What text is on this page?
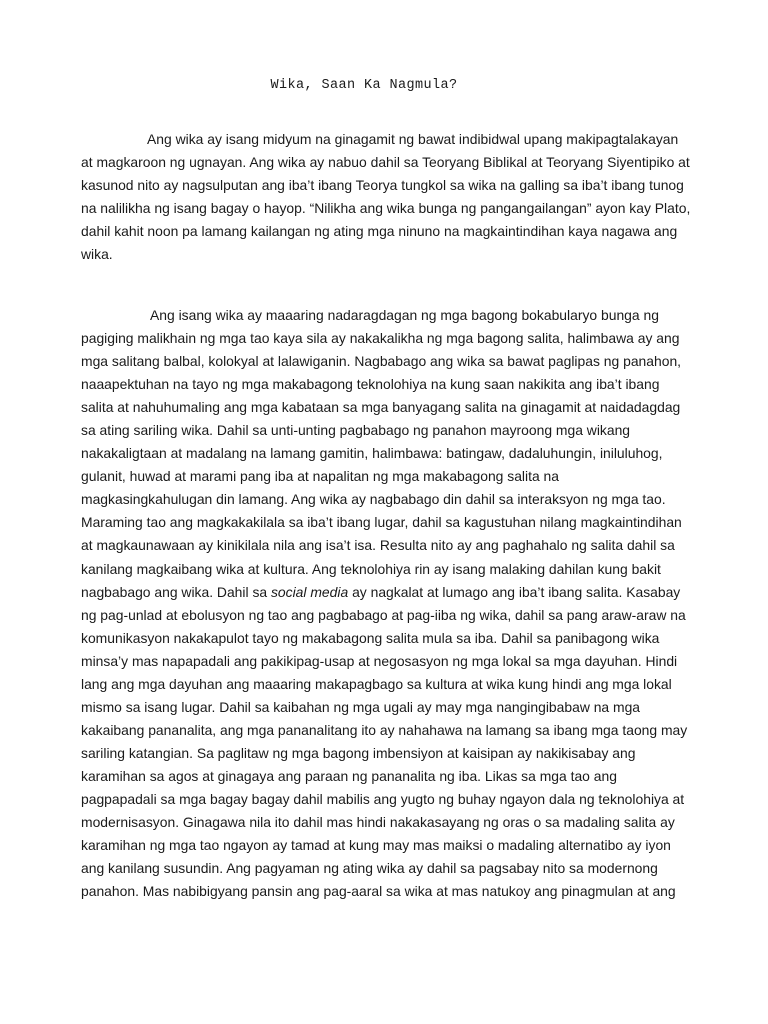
Wika, Saan Ka Nagmula?

Ang wika ay isang midyum na ginagamit ng bawat indibidwal upang makipagtalakayan at magkaroon ng ugnayan. Ang wika ay nabuo dahil sa Teoryang Biblikal at Teoryang Siyentipiko at kasunod nito ay nagsulputan ang iba’t ibang Teorya tungkol sa wika na galling sa iba’t ibang tunog na nalilikha ng isang bagay o hayop. “Nilikha ang wika bunga ng pangangailangan” ayon kay Plato, dahil kahit noon pa lamang kailangan ng ating mga ninuno na magkaintindihan kaya nagawa ang wika.

Ang isang wika ay maaaring nadaragdagan ng mga bagong bokabularyo bunga ng pagiging malikhain ng mga tao kaya sila ay nakakalikha ng mga bagong salita, halimbawa ay ang mga salitang balbal, kolokyal at lalawiganin. Nagbabago ang wika sa bawat paglipas ng panahon, naaapektuhan na tayo ng mga makabagong teknolohiya na kung saan nakikita ang iba’t ibang salita at nahuhumaling ang mga kabataan sa mga banyagang salita na ginagamit at naidadagdag sa ating sariling wika. Dahil sa unti-unting pagbabago ng panahon mayroong mga wikang nakakaligtaan at madalang na lamang gamitin, halimbawa: batingaw, dadaluhungin, iniluluhog, gulanit, huwad at marami pang iba at napalitan ng mga makabagong salita na magkasingkahulugan din lamang. Ang wika ay nagbabago din dahil sa interaksyon ng mga tao. Maraming tao ang magkakakilala sa iba’t ibang lugar, dahil sa kagustuhan nilang magkaintindihan at magkaunawaan ay kinikilala nila ang isa’t isa. Resulta nito ay ang paghahalo ng salita dahil sa kanilang magkaibang wika at kultura. Ang teknolohiya rin ay isang malaking dahilan kung bakit nagbabago ang wika. Dahil sa social media ay nagkalat at lumago ang iba’t ibang salita. Kasabay ng pag-unlad at ebolusyon ng tao ang pagbabago at pag-iiba ng wika, dahil sa pang araw-araw na komunikasyon nakakapulot tayo ng makabagong salita mula sa iba. Dahil sa panibagong wika minsa’y mas napapadali ang pakikipag-usap at negosasyon ng mga lokal sa mga dayuhan. Hindi lang ang mga dayuhan ang maaaring makapagbago sa kultura at wika kung hindi ang mga lokal mismo sa isang lugar. Dahil sa kaibahan ng mga ugali ay may mga nangingibabaw na mga kakaibang pananalita, ang mga pananalitang ito ay nahahawa na lamang sa ibang mga taong may sariling katangian. Sa paglitaw ng mga bagong imbensiyon at kaisipan ay nakikisabay ang karamihan sa agos at ginagaya ang paraan ng pananalita ng iba. Likas sa mga tao ang pagpapadali sa mga bagay bagay dahil mabilis ang yugto ng buhay ngayon dala ng teknolohiya at modernisasyon. Ginagawa nila ito dahil mas hindi nakakasayang ng oras o sa madaling salita ay karamihan ng mga tao ngayon ay tamad at kung may mas maiksi o madaling alternatibo ay iyon ang kanilang susundin. Ang pagyaman ng ating wika ay dahil sa pagsabay nito sa modernong panahon. Mas nabibigyang pansin ang pag-aaral sa wika at mas natukoy ang pinagmulan at ang
